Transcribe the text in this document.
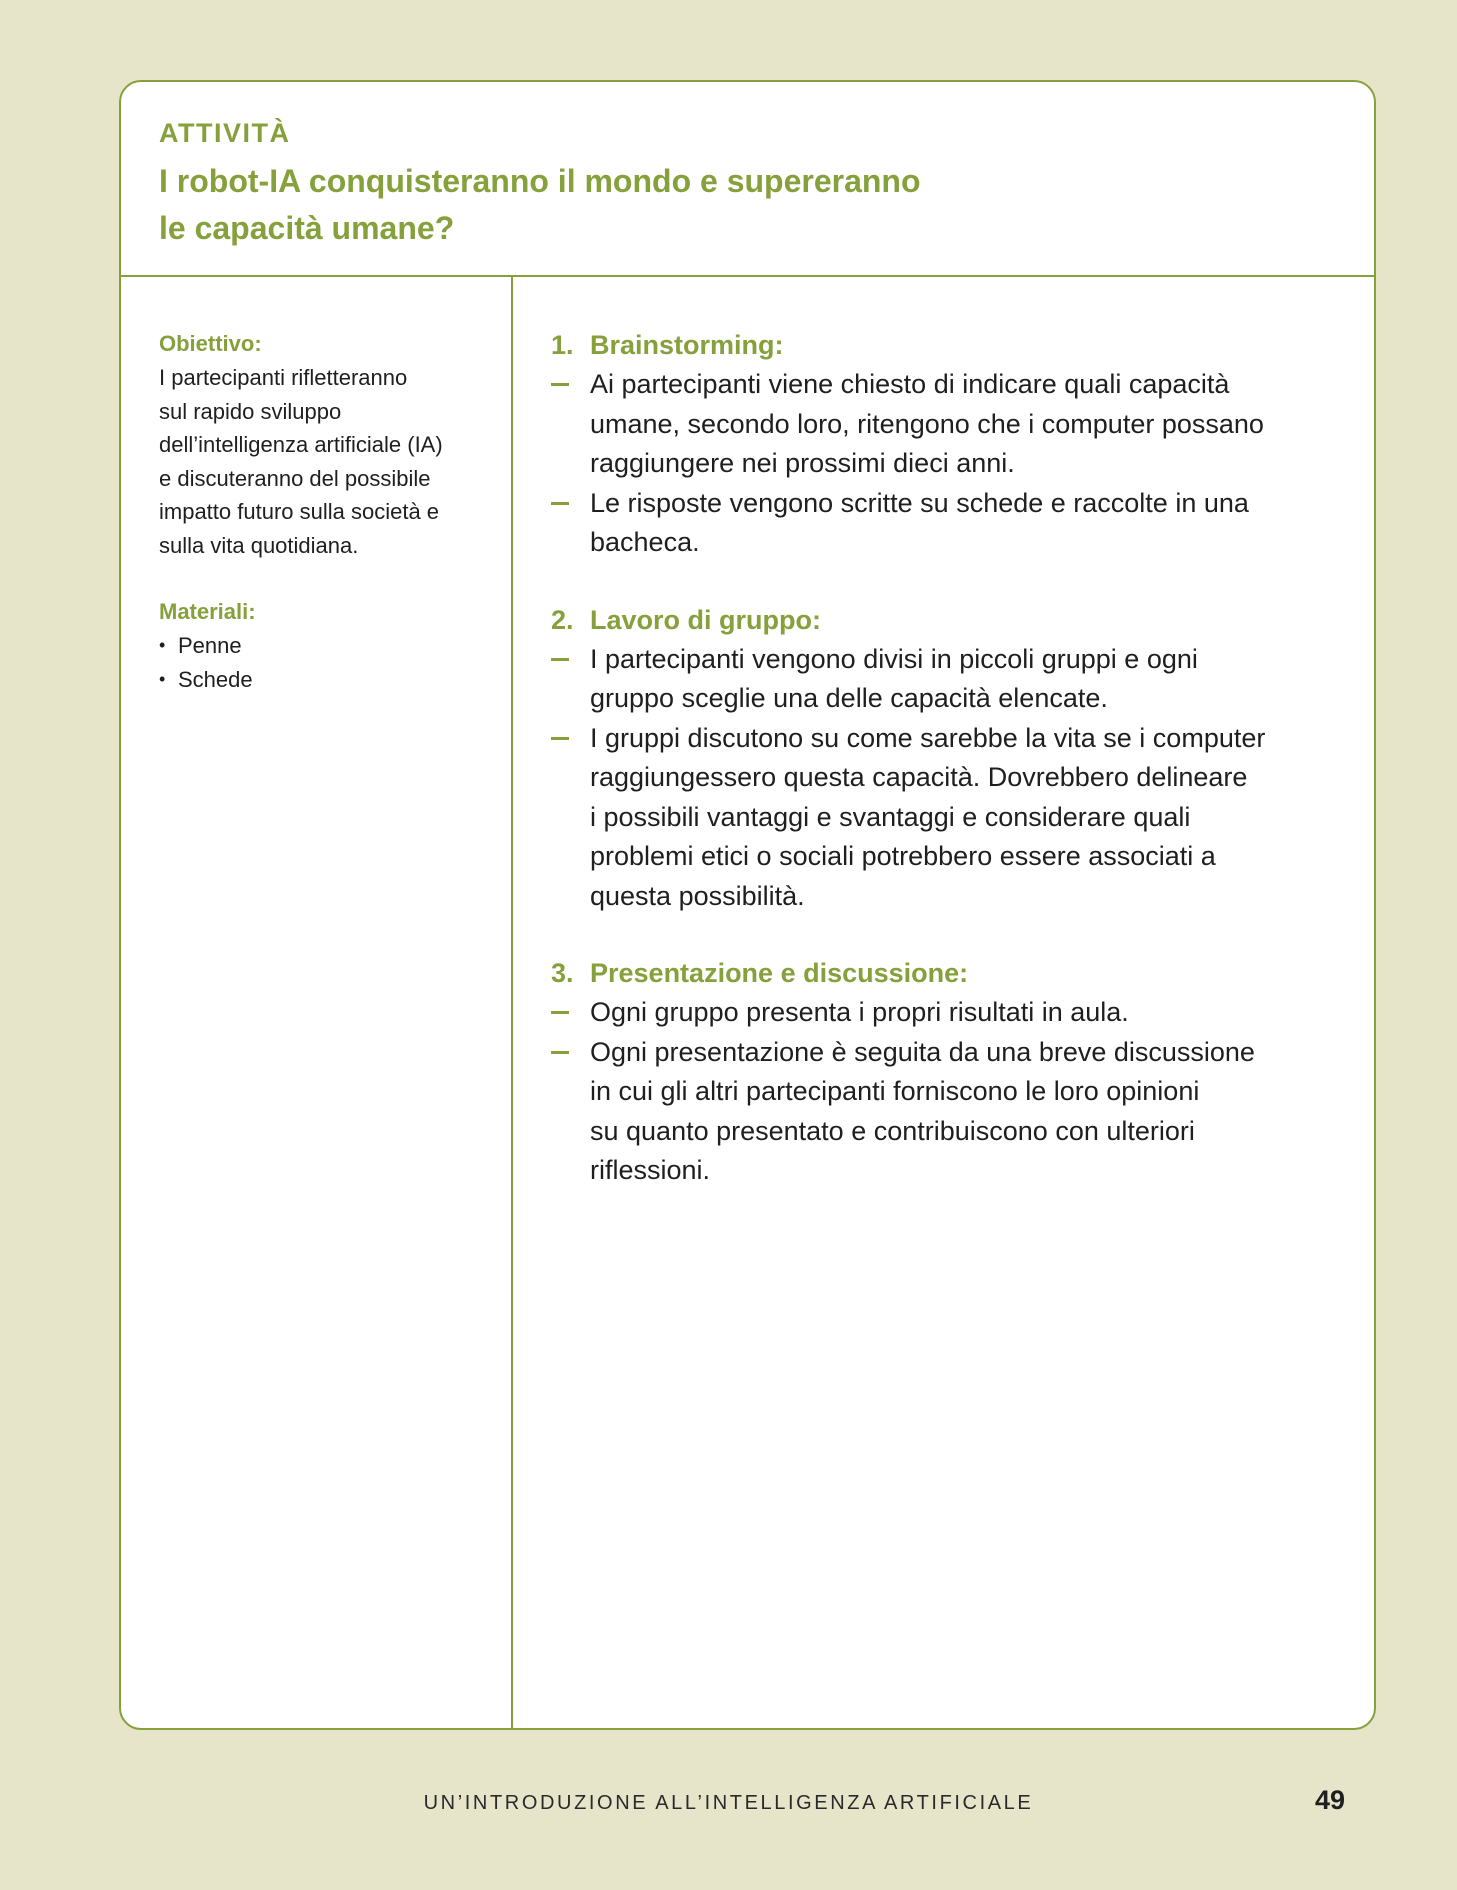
ATTIVITÀ
I robot-IA conquisteranno il mondo e supereranno
le capacità umane?
Obiettivo:
I partecipanti rifletteranno
sul rapido sviluppo
dell’intelligenza artificiale (IA)
e discuteranno del possibile
impatto futuro sulla società e
sulla vita quotidiana.
Materiali:
• Penne
• Schede
1. Brainstorming:
Ai partecipanti viene chiesto di indicare quali capacità
umane, secondo loro, ritengono che i computer possano
raggiungere nei prossimi dieci anni.
Le risposte vengono scritte su schede e raccolte in una
bacheca.
2. Lavoro di gruppo:
I partecipanti vengono divisi in piccoli gruppi e ogni
gruppo sceglie una delle capacità elencate.
I gruppi discutono su come sarebbe la vita se i computer
raggiungessero questa capacità. Dovrebbero delineare
i possibili vantaggi e svantaggi e considerare quali
problemi etici o sociali potrebbero essere associati a
questa possibilità.
3. Presentazione e discussione:
Ogni gruppo presenta i propri risultati in aula.
Ogni presentazione è seguita da una breve discussione
in cui gli altri partecipanti forniscono le loro opinioni
su quanto presentato e contribuiscono con ulteriori
riflessioni.
UN’INTRODUZIONE ALL’INTELLIGENZA ARTIFICIALE	49
